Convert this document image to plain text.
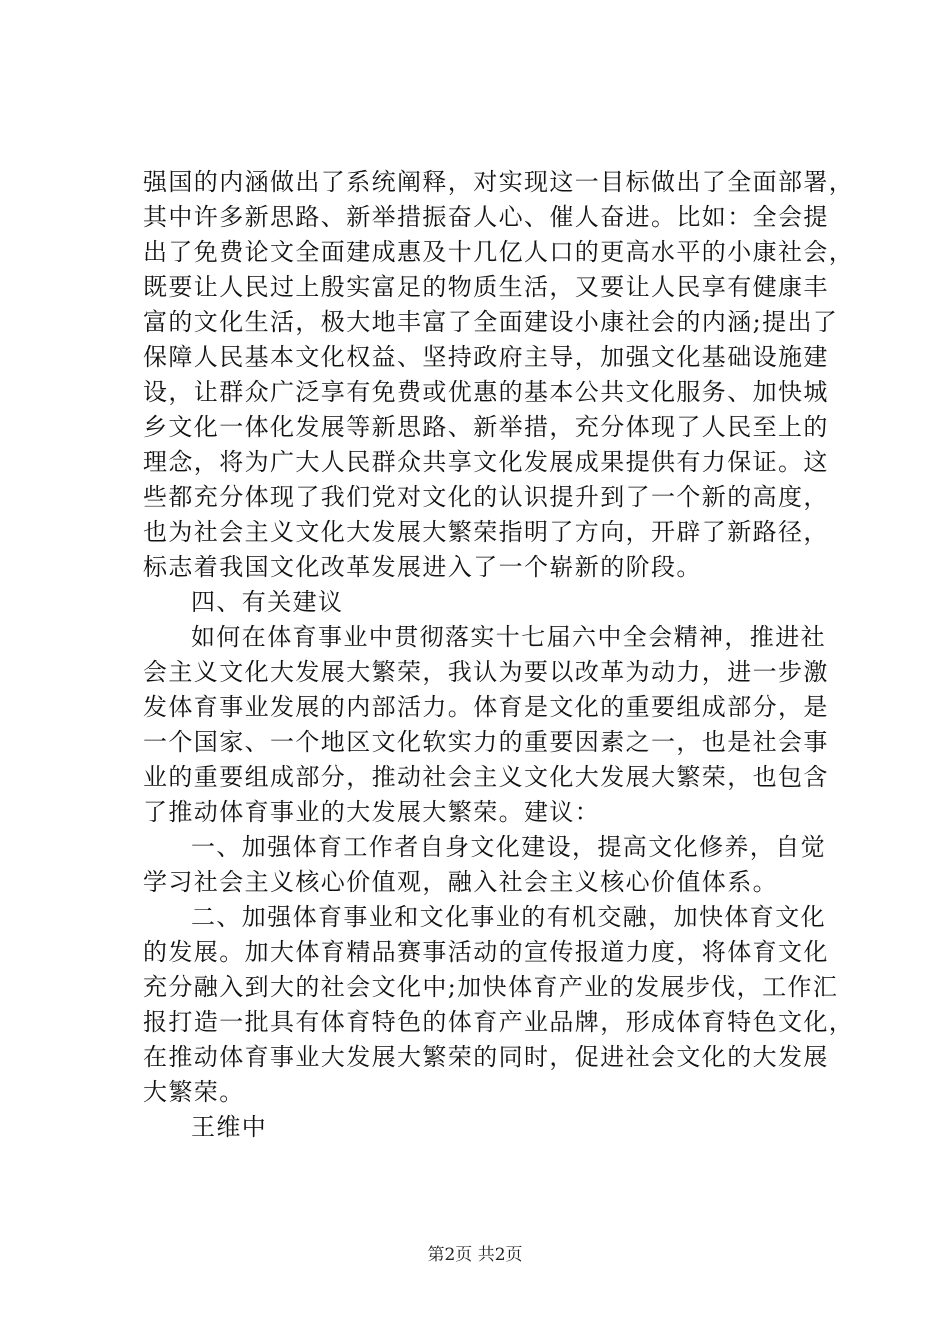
强国的内涵做出了系统阐释，对实现这一目标做出了全面部署，
其中许多新思路、新举措振奋人心、催人奋进。比如：全会提
出了免费论文全面建成惠及十几亿人口的更高水平的小康社会，
既要让人民过上殷实富足的物质生活，又要让人民享有健康丰
富的文化生活，极大地丰富了全面建设小康社会的内涵;提出了
保障人民基本文化权益、坚持政府主导，加强文化基础设施建
设，让群众广泛享有免费或优惠的基本公共文化服务、加快城
乡文化一体化发展等新思路、新举措，充分体现了人民至上的
理念，将为广大人民群众共享文化发展成果提供有力保证。这
些都充分体现了我们党对文化的认识提升到了一个新的高度，
也为社会主义文化大发展大繁荣指明了方向，开辟了新路径，
标志着我国文化改革发展进入了一个崭新的阶段。
四、有关建议
如何在体育事业中贯彻落实十七届六中全会精神，推进社
会主义文化大发展大繁荣，我认为要以改革为动力，进一步激
发体育事业发展的内部活力。体育是文化的重要组成部分，是
一个国家、一个地区文化软实力的重要因素之一，也是社会事
业的重要组成部分，推动社会主义文化大发展大繁荣，也包含
了推动体育事业的大发展大繁荣。建议：
一、加强体育工作者自身文化建设，提高文化修养，自觉
学习社会主义核心价值观，融入社会主义核心价值体系。
二、加强体育事业和文化事业的有机交融，加快体育文化
的发展。加大体育精品赛事活动的宣传报道力度，将体育文化
充分融入到大的社会文化中;加快体育产业的发展步伐，工作汇
报打造一批具有体育特色的体育产业品牌，形成体育特色文化，
在推动体育事业大发展大繁荣的同时，促进社会文化的大发展
大繁荣。
王维中
第2页 共2页
